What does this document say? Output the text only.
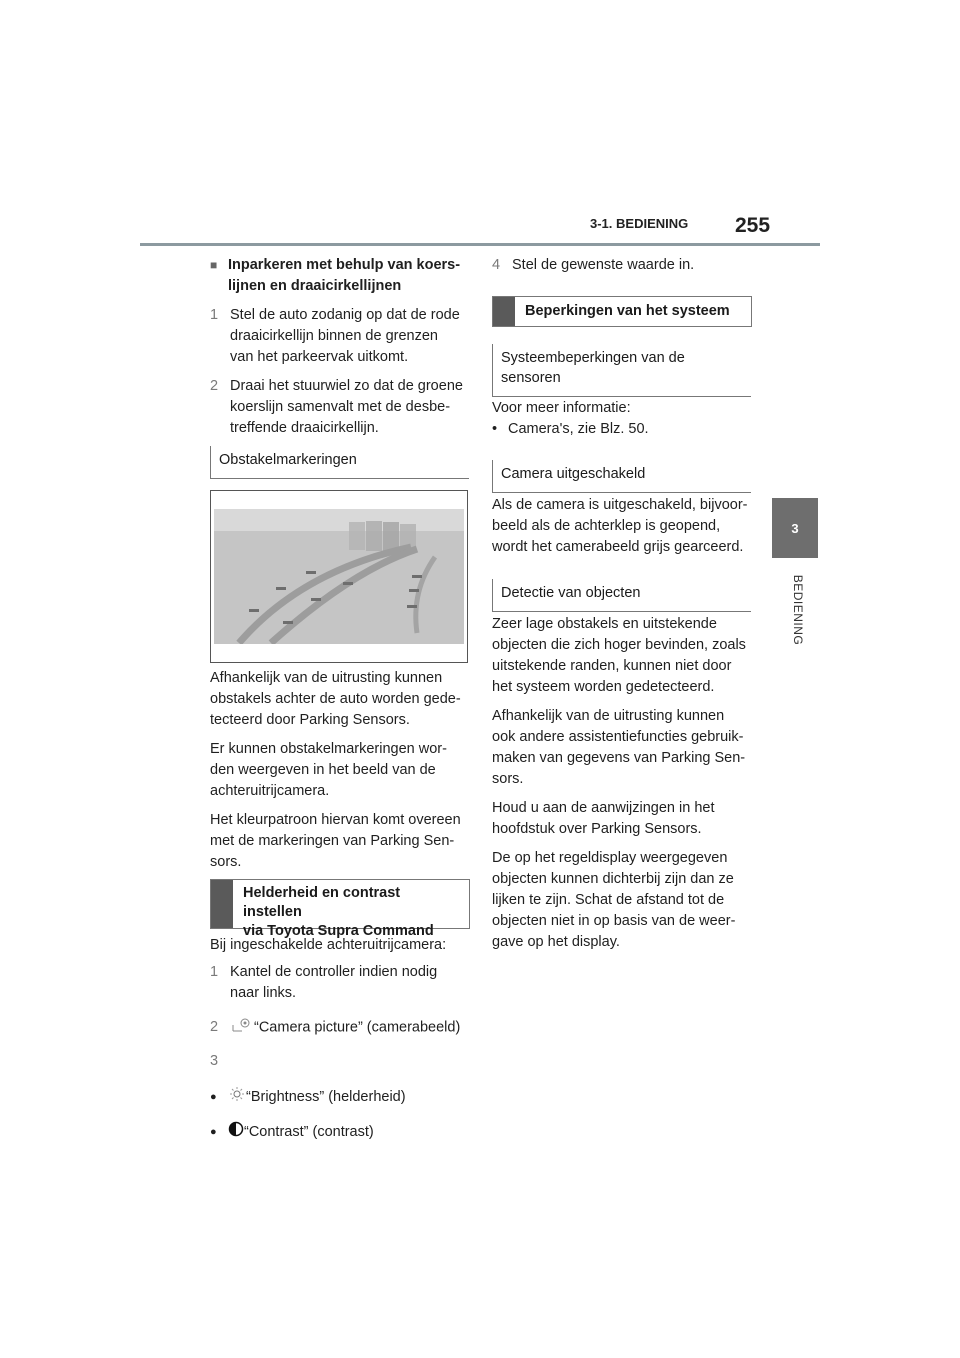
3-1. BEDIENING 255
3
BEDIENING

■ Inparkeren met behulp van koers-
lijnen en draaicirkellijnen

1 Stel de auto zodanig op dat de rode
draaicirkellijn binnen de grenzen
van het parkeervak uitkomt.

2 Draai het stuurwiel zo dat de groene
koerslijn samenvalt met de desbe-
treffende draaicirkellijn.

Obstakelmarkeringen

Afhankelijk van de uitrusting kunnen
obstakels achter de auto worden gede-
tecteerd door Parking Sensors.

Er kunnen obstakelmarkeringen wor-
den weergeven in het beeld van de
achteruitrijcamera.

Het kleurpatroon hiervan komt overeen
met de markeringen van Parking Sen-
sors.

Helderheid en contrast instellen
via Toyota Supra Command

Bij ingeschakelde achteruitrijcamera:

1 Kantel de controller indien nodig
naar links.

2 “Camera picture” (camerabeeld)

3

●	“Brightness” (helderheid)

●	“Contrast” (contrast)

4 Stel de gewenste waarde in.

Beperkingen van het systeem
Systeembeperkingen van de
sensoren

Voor meer informatie:

• Camera's, zie Blz. 50.

Camera uitgeschakeld

Als de camera is uitgeschakeld, bijvoor-
beeld als de achterklep is geopend,
wordt het camerabeeld grijs gearceerd.

Detectie van objecten

Zeer lage obstakels en uitstekende
objecten die zich hoger bevinden, zoals
uitstekende randen, kunnen niet door
het systeem worden gedetecteerd.

Afhankelijk van de uitrusting kunnen
ook andere assistentiefuncties gebruik-
maken van gegevens van Parking Sen-
sors.

Houd u aan de aanwijzingen in het
hoofdstuk over Parking Sensors.

De op het regeldisplay weergegeven
objecten kunnen dichterbij zijn dan ze
lijken te zijn. Schat de afstand tot de
objecten niet in op basis van de weer-
gave op het display.
